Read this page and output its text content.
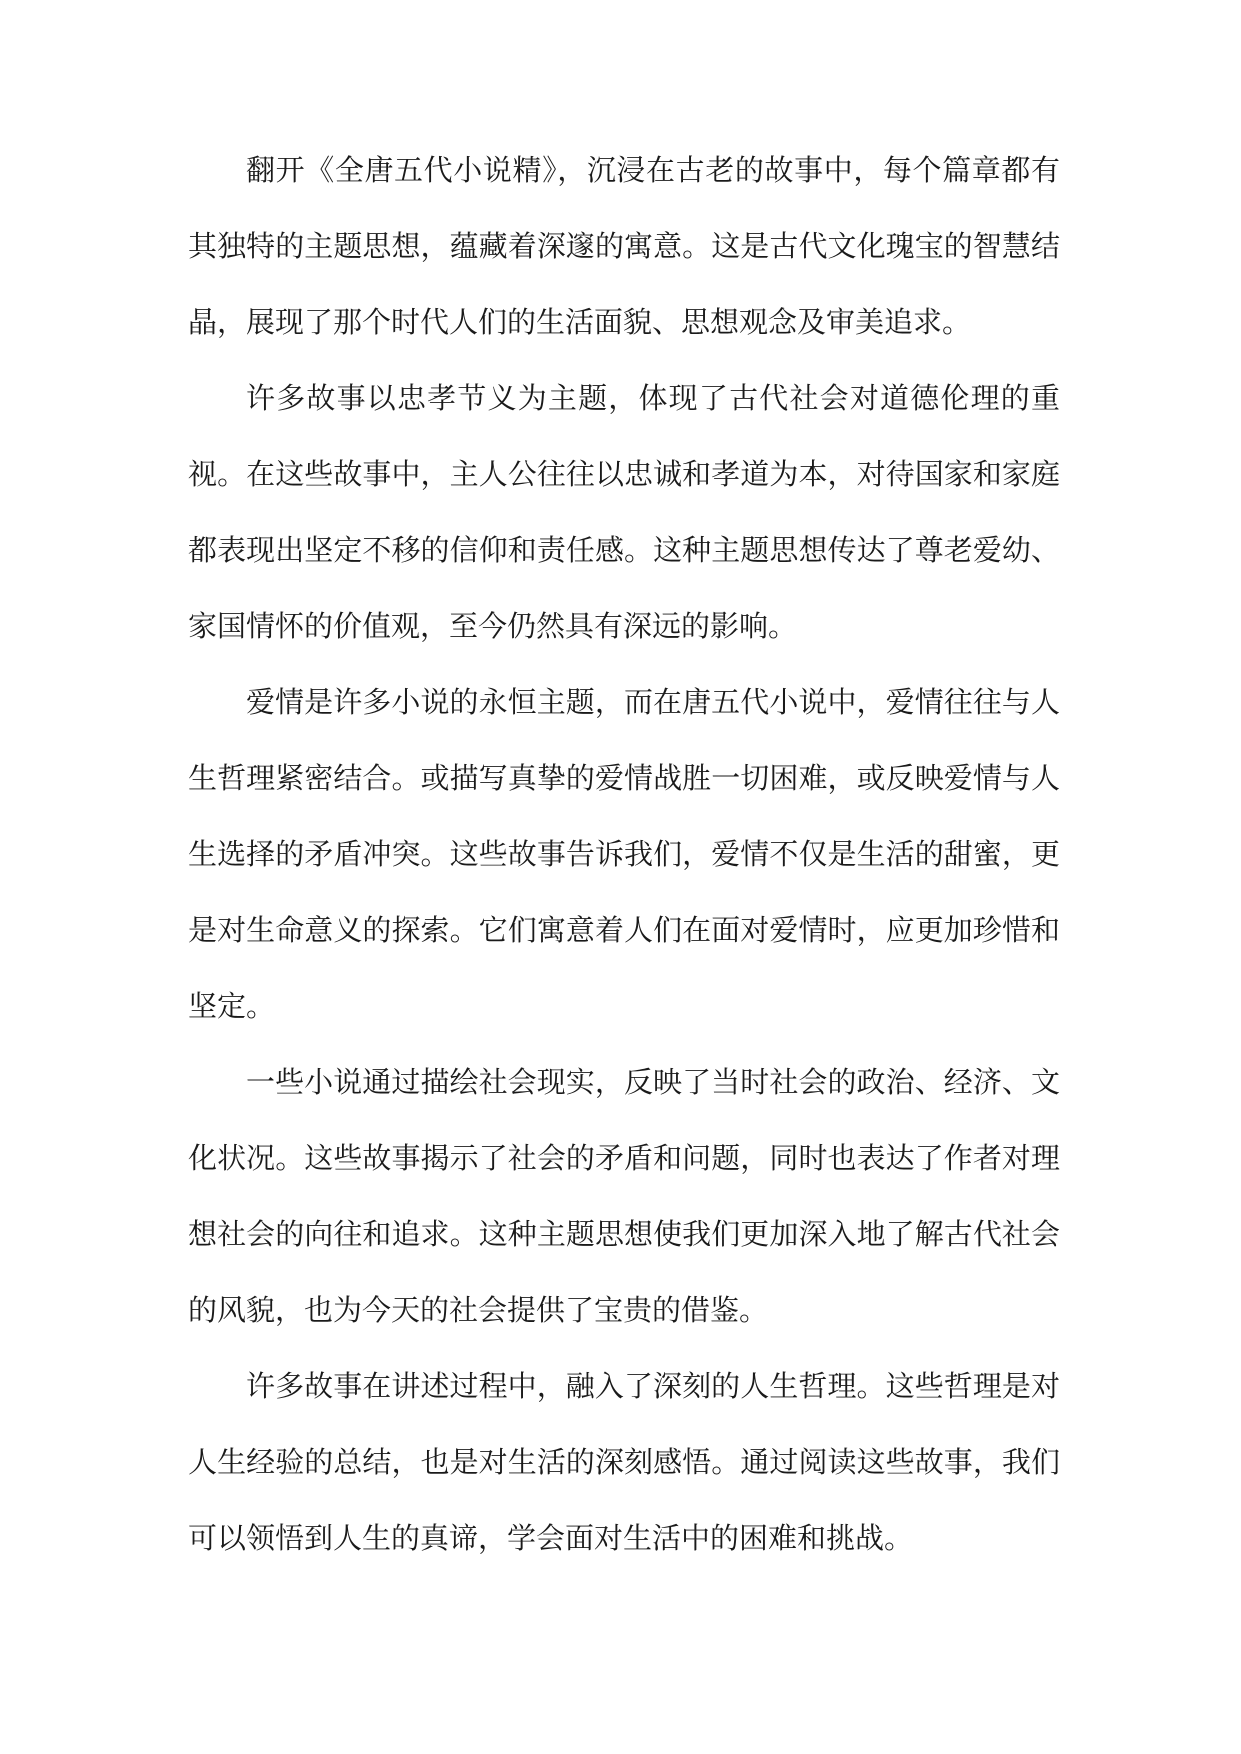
翻开《全唐五代小说精》，沉浸在古老的故事中，每个篇章都有其独特的主题思想，蕴藏着深邃的寓意。这是古代文化瑰宝的智慧结晶，展现了那个时代人们的生活面貌、思想观念及审美追求。

许多故事以忠孝节义为主题，体现了古代社会对道德伦理的重视。在这些故事中，主人公往往以忠诚和孝道为本，对待国家和家庭都表现出坚定不移的信仰和责任感。这种主题思想传达了尊老爱幼、家国情怀的价值观，至今仍然具有深远的影响。

爱情是许多小说的永恒主题，而在唐五代小说中，爱情往往与人生哲理紧密结合。或描写真挚的爱情战胜一切困难，或反映爱情与人生选择的矛盾冲突。这些故事告诉我们，爱情不仅是生活的甜蜜，更是对生命意义的探索。它们寓意着人们在面对爱情时，应更加珍惜和坚定。

一些小说通过描绘社会现实，反映了当时社会的政治、经济、文化状况。这些故事揭示了社会的矛盾和问题，同时也表达了作者对理想社会的向往和追求。这种主题思想使我们更加深入地了解古代社会的风貌，也为今天的社会提供了宝贵的借鉴。

许多故事在讲述过程中，融入了深刻的人生哲理。这些哲理是对人生经验的总结，也是对生活的深刻感悟。通过阅读这些故事，我们可以领悟到人生的真谛，学会面对生活中的困难和挑战。
